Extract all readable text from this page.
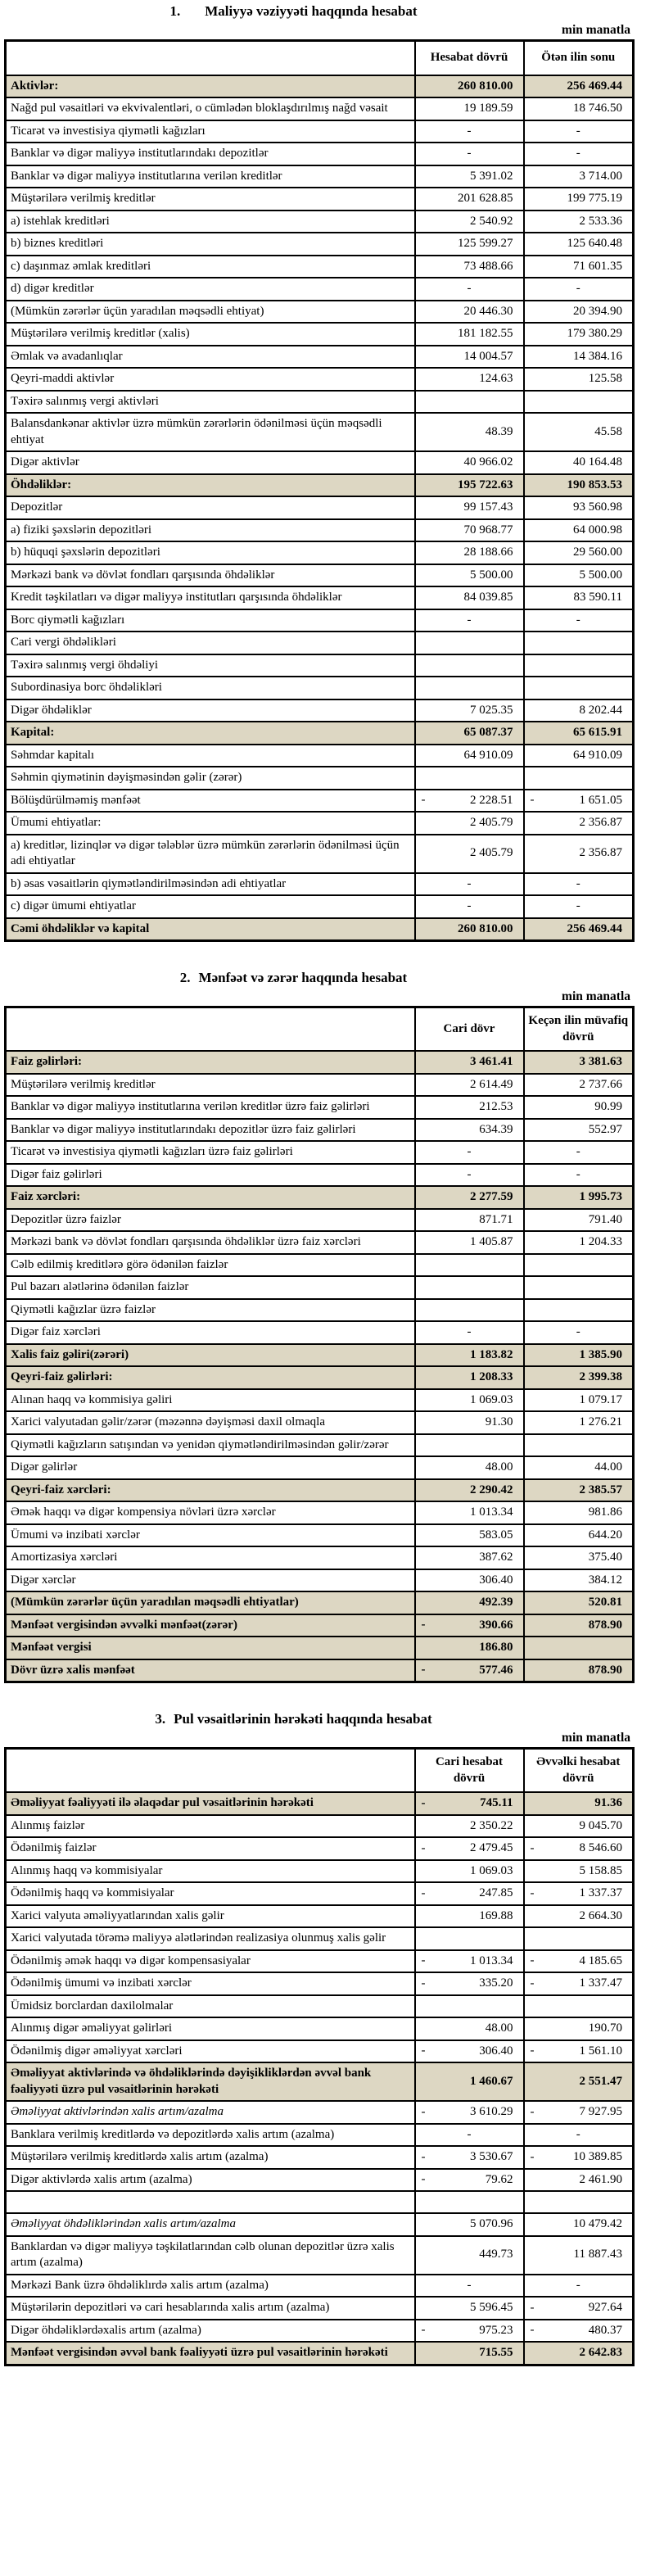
1. Maliyyə vəziyyəti haqqında hesabat
min manatla
	Hesabat dövrü	Ötən ilin sonu
Aktivlər:	260 810.00	256 469.44
Nağd pul vəsaitləri və ekvivalentləri, o cümlədən bloklaşdırılmış nağd vəsait	19 189.59	18 746.50
Ticarət və investisiya qiymətli kağızları	-	-
Banklar və digər maliyyə institutlarındakı depozitlər	-	-
Banklar və digər maliyyə institutlarına verilən kreditlər	5 391.02	3 714.00
Müştərilərə verilmiş kreditlər	201 628.85	199 775.19
a) istehlak kreditləri	2 540.92	2 533.36
b) biznes kreditləri	125 599.27	125 640.48
c) daşınmaz əmlak kreditləri	73 488.66	71 601.35
d) digər kreditlər	-	-
(Mümkün zərərlər üçün yaradılan məqsədli ehtiyat)	20 446.30	20 394.90
Müştərilərə verilmiş kreditlər (xalis)	181 182.55	179 380.29
Əmlak və avadanlıqlar	14 004.57	14 384.16
Qeyri-maddi aktivlər	124.63	125.58
Təxirə salınmış vergi aktivləri		
Balansdankənar aktivlər üzrə mümkün zərərlərin ödənilməsi üçün məqsədli ehtiyat	48.39	45.58
Digər aktivlər	40 966.02	40 164.48
Öhdəliklər:	195 722.63	190 853.53
Depozitlər	99 157.43	93 560.98
a) fiziki şəxslərin depozitləri	70 968.77	64 000.98
b) hüquqi şəxslərin depozitləri	28 188.66	29 560.00
Mərkəzi bank və dövlət fondları qarşısında öhdəliklər	5 500.00	5 500.00
Kredit təşkilatları və digər maliyyə institutları qarşısında öhdəliklər	84 039.85	83 590.11
Borc qiymətli kağızları	-	-
Cari vergi öhdəlikləri		
Təxirə salınmış vergi öhdəliyi		
Subordinasiya borc öhdəlikləri		
Digər öhdəliklər	7 025.35	8 202.44
Kapital:	65 087.37	65 615.91
Səhmdar kapitalı	64 910.09	64 910.09
Səhmin qiymətinin dəyişməsindən gəlir (zərər)		
Bölüşdürülməmiş mənfəət	- 2 228.51	- 1 651.05
Ümumi ehtiyatlar:	2 405.79	2 356.87
a) kreditlər, lizinqlər və digər tələblər üzrə mümkün zərərlərin ödənilməsi üçün adi ehtiyatlar	2 405.79	2 356.87
b) əsas vəsaitlərin qiymətləndirilməsindən adi ehtiyatlar	-	-
c) digər ümumi ehtiyatlar	-	-
Cəmi öhdəliklər və kapital	260 810.00	256 469.44
2. Mənfəət və zərər haqqında hesabat
min manatla
	Cari dövr	Keçən ilin müvafiq dövrü
Faiz gəlirləri:	3 461.41	3 381.63
Müştərilərə verilmiş kreditlər	2 614.49	2 737.66
Banklar və digər maliyyə institutlarına verilən kreditlər üzrə faiz gəlirləri	212.53	90.99
Banklar və digər maliyyə institutlarındakı depozitlər üzrə faiz gəlirləri	634.39	552.97
Ticarət və investisiya qiymətli kağızları üzrə faiz gəlirləri	-	-
Digər faiz gəlirləri	-	-
Faiz xərcləri:	2 277.59	1 995.73
Depozitlər üzrə faizlər	871.71	791.40
Mərkəzi bank və dövlət fondları qarşısında öhdəliklər üzrə faiz xərcləri	1 405.87	1 204.33
Cəlb edilmiş kreditlərə görə ödənilən faizlər		
Pul bazarı alətlərinə ödənilən faizlər		
Qiymətli kağızlar üzrə faizlər		
Digər faiz xərcləri	-	-
Xalis faiz gəliri(zərəri)	1 183.82	1 385.90
Qeyri-faiz gəlirləri:	1 208.33	2 399.38
Alınan haqq və kommisiya gəliri	1 069.03	1 079.17
Xarici valyutadan gəlir/zərər (məzənnə dəyişməsi daxil olmaqla	91.30	1 276.21
Qiymətli kağızların satışından və yenidən qiymətləndirilməsindən gəlir/zərər		
Digər gəlirlər	48.00	44.00
Qeyri-faiz xərcləri:	2 290.42	2 385.57
Əmək haqqı və digər kompensiya növləri üzrə xərclər	1 013.34	981.86
Ümumi və inzibati xərclər	583.05	644.20
Amortizasiya xərcləri	387.62	375.40
Digər xərclər	306.40	384.12
(Mümkün zərərlər üçün yaradılan məqsədli ehtiyatlar)	492.39	520.81
Mənfəət vergisindən əvvəlki mənfəət(zərər)	- 390.66	878.90
Mənfəət vergisi	186.80	
Dövr üzrə xalis mənfəət	- 577.46	878.90
3. Pul vəsaitlərinin hərəkəti haqqında hesabat
min manatla
	Cari hesabat dövrü	Əvvəlki hesabat dövrü
Əməliyyat fəaliyyəti ilə əlaqədar pul vəsaitlərinin hərəkəti	- 745.11	91.36
Alınmış faizlər	2 350.22	9 045.70
Ödənilmiş faizlər	- 2 479.45	- 8 546.60
Alınmış haqq və kommisiyalar	1 069.03	5 158.85
Ödənilmiş haqq və kommisiyalar	- 247.85	- 1 337.37
Xarici valyuta əməliyyatlarından xalis gəlir	169.88	2 664.30
Xarici valyutada törəmə maliyyə alətlərindən realizasiya olunmuş xalis gəlir		
Ödənilmiş əmək haqqı və digər kompensasiyalar	- 1 013.34	- 4 185.65
Ödənilmiş ümumi və inzibati xərclər	- 335.20	- 1 337.47
Ümidsiz borclardan daxilolmalar		
Alınmış digər əməliyyat gəlirləri	48.00	190.70
Ödənilmiş digər əməliyyat xərcləri	- 306.40	- 1 561.10
Əməliyyat aktivlərində və öhdəliklərində dəyişikliklərdən əvvəl bank fəaliyyəti üzrə pul vəsaitlərinin hərəkəti	1 460.67	2 551.47
Əməliyyat aktivlərindən xalis artım/azalma	- 3 610.29	- 7 927.95
Banklara verilmiş kreditlərdə və depozitlərdə xalis artım (azalma)	-	-
Müştərilərə verilmiş kreditlərdə xalis artım (azalma)	- 3 530.67	- 10 389.85
Digər aktivlərdə xalis artım (azalma)	- 79.62	2 461.90

Əməliyyat öhdəliklərindən xalis artım/azalma	5 070.96	10 479.42
Banklardan və digər maliyyə təşkilatlarından cəlb olunan depozitlər üzrə xalis artım (azalma)	449.73	11 887.43
Mərkəzi Bank üzrə öhdəliklırdə xalis artım (azalma)	-	-
Müştərilərin depozitləri və cari hesablarında xalis artım (azalma)	5 596.45	- 927.64
Digər öhdəliklərdəxalis artım (azalma)	- 975.23	- 480.37
Mənfəət vergisindən əvvəl bank fəaliyyəti üzrə pul vəsaitlərinin hərəkəti	715.55	2 642.83
